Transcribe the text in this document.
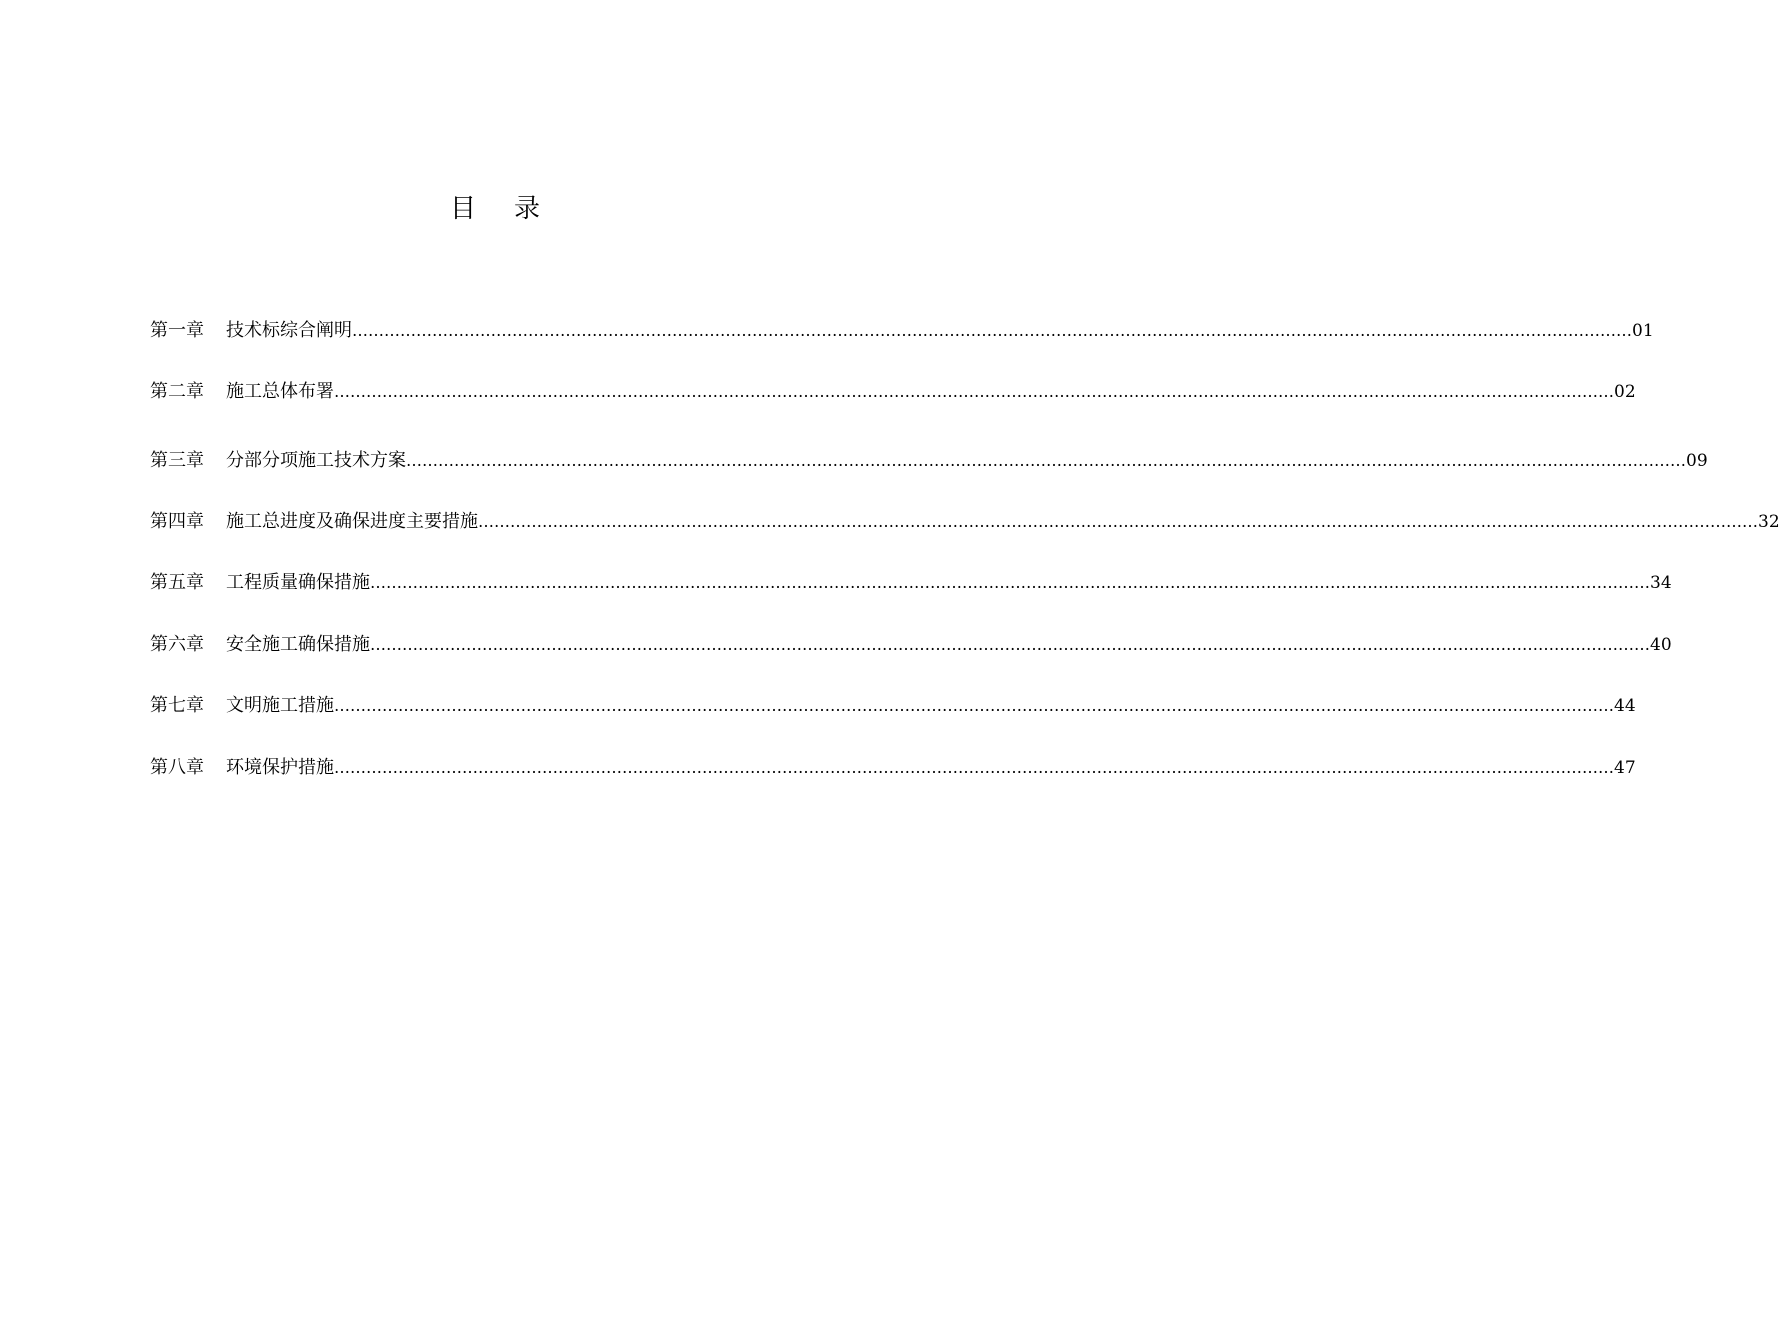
目 录
第一章	技术标综合阐明 …………………………………………………………………………………………………………………………………………………………………………………………………………………… 01
第二章	施工总体布署 …………………………………………………………………………………………………………………………………………………………………………………………………………………… 02
第三章	分部分项施工技术方案 …………………………………………………………………………………………………………………………………………………………………………………………………………………… 09
第四章	施工总进度及确保进度主要措施 …………………………………………………………………………………………………………………………………………………………………………………………………………………… 32
第五章	工程质量确保措施 …………………………………………………………………………………………………………………………………………………………………………………………………………………… 34
第六章	安全施工确保措施 …………………………………………………………………………………………………………………………………………………………………………………………………………………… 40
第七章	文明施工措施 …………………………………………………………………………………………………………………………………………………………………………………………………………………… 44
第八章	环境保护措施 …………………………………………………………………………………………………………………………………………………………………………………………………………………… 47
